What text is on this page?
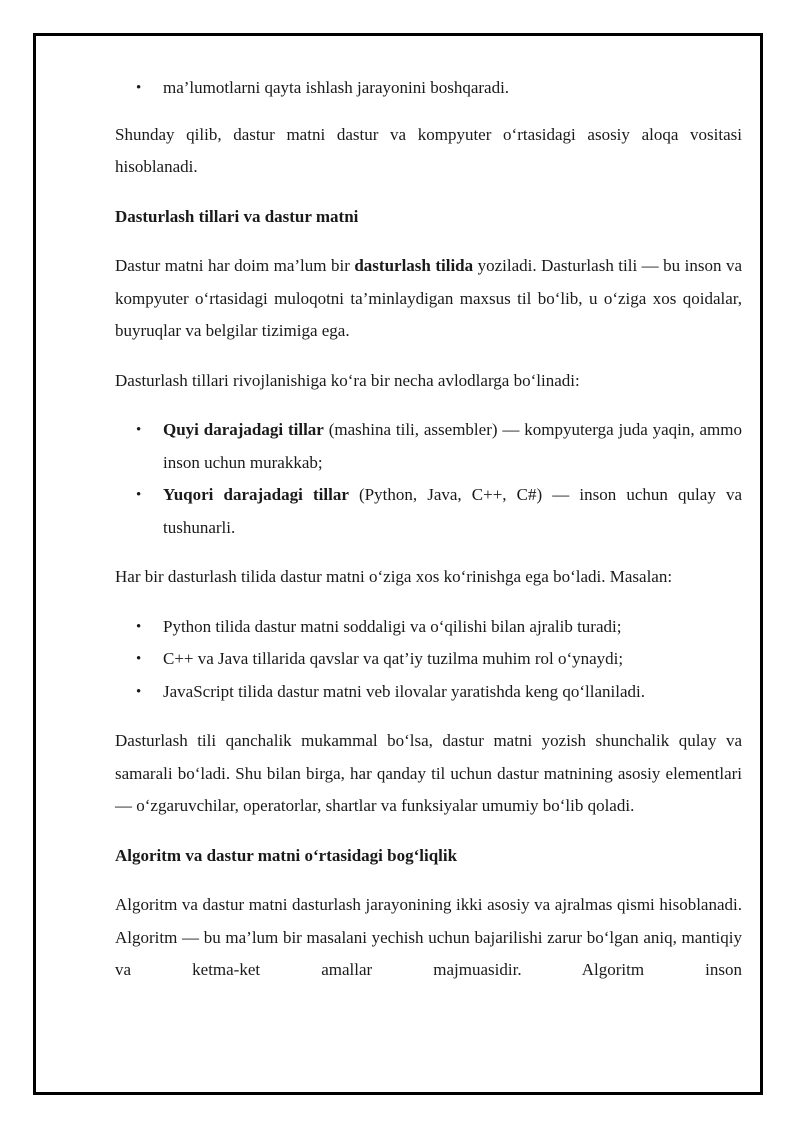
• ma’lumotlarni qayta ishlash jarayonini boshqaradi.

Shunday qilib, dastur matni dastur va kompyuter o‘rtasidagi asosiy aloqa vositasi hisoblanadi.

Dasturlash tillari va dastur matni

Dastur matni har doim ma’lum bir dasturlash tilida yoziladi. Dasturlash tili — bu inson va kompyuter o‘rtasidagi muloqotni ta’minlaydigan maxsus til bo‘lib, u o‘ziga xos qoidalar, buyruqlar va belgilar tizimiga ega.

Dasturlash tillari rivojlanishiga ko‘ra bir necha avlodlarga bo‘linadi:

• Quyi darajadagi tillar (mashina tili, assembler) — kompyuterga juda yaqin, ammo inson uchun murakkab;
• Yuqori darajadagi tillar (Python, Java, C++, C#) — inson uchun qulay va tushunarli.

Har bir dasturlash tilida dastur matni o‘ziga xos ko‘rinishga ega bo‘ladi. Masalan:

• Python tilida dastur matni soddaligi va o‘qilishi bilan ajralib turadi;
• C++ va Java tillarida qavslar va qat’iy tuzilma muhim rol o‘ynaydi;
• JavaScript tilida dastur matni veb ilovalar yaratishda keng qo‘llaniladi.

Dasturlash tili qanchalik mukammal bo‘lsa, dastur matni yozish shunchalik qulay va samarali bo‘ladi. Shu bilan birga, har qanday til uchun dastur matnining asosiy elementlari — o‘zgaruvchilar, operatorlar, shartlar va funksiyalar umumiy bo‘lib qoladi.

Algoritm va dastur matni o‘rtasidagi bog‘liqlik

Algoritm va dastur matni dasturlash jarayonining ikki asosiy va ajralmas qismi hisoblanadi. Algoritm — bu ma’lum bir masalani yechish uchun bajarilishi zarur bo‘lgan aniq, mantiqiy va ketma-ket amallar majmuasidir. Algoritm inson
